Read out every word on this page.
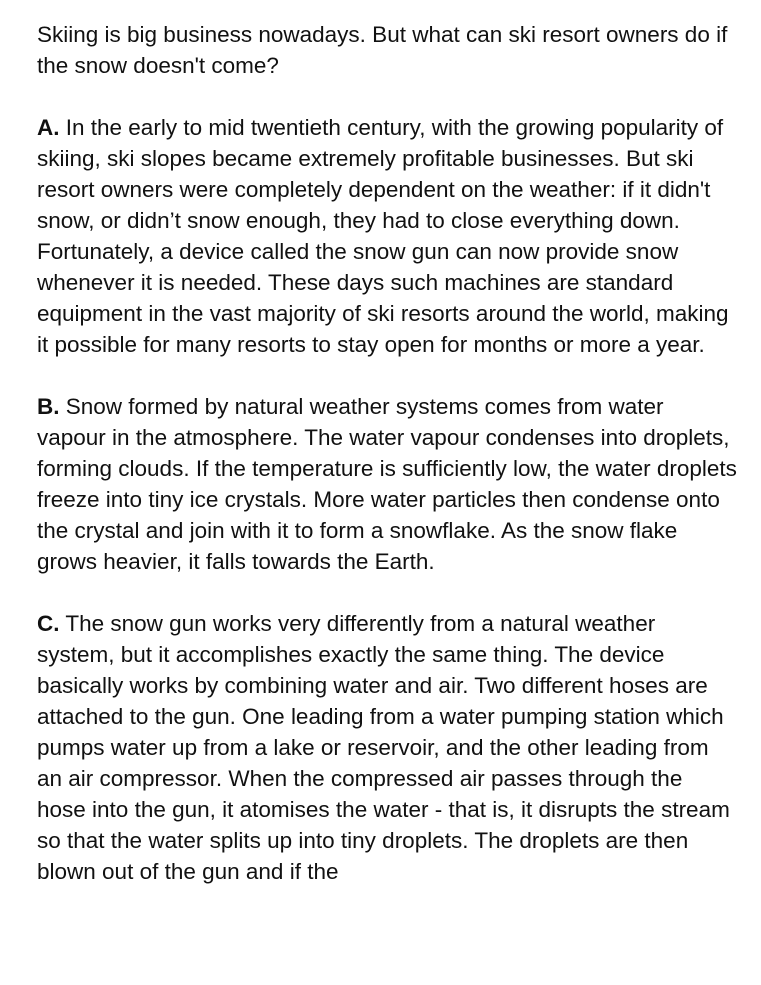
Skiing is big business nowadays. But what can ski resort owners do if the snow doesn't come?

A. In the early to mid twentieth century, with the growing popularity of skiing, ski slopes became extremely profitable businesses. But ski resort owners were completely dependent on the weather: if it didn't snow, or didn’t snow enough, they had to close everything down. Fortunately, a device called the snow gun can now provide snow whenever it is needed. These days such machines are standard equipment in the vast majority of ski resorts around the world, making it possible for many resorts to stay open for months or more a year.

B. Snow formed by natural weather systems comes from water vapour in the atmosphere. The water vapour condenses into droplets, forming clouds. If the temperature is sufficiently low, the water droplets freeze into tiny ice crystals. More water particles then condense onto the crystal and join with it to form a snowflake. As the snow flake grows heavier, it falls towards the Earth.

C. The snow gun works very differently from a natural weather system, but it accomplishes exactly the same thing. The device basically works by combining water and air. Two different hoses are attached to the gun. One leading from a water pumping station which pumps water up from a lake or reservoir, and the other leading from an air compressor. When the compressed air passes through the hose into the gun, it atomises the water - that is, it disrupts the stream so that the water splits up into tiny droplets. The droplets are then blown out of the gun and if the
